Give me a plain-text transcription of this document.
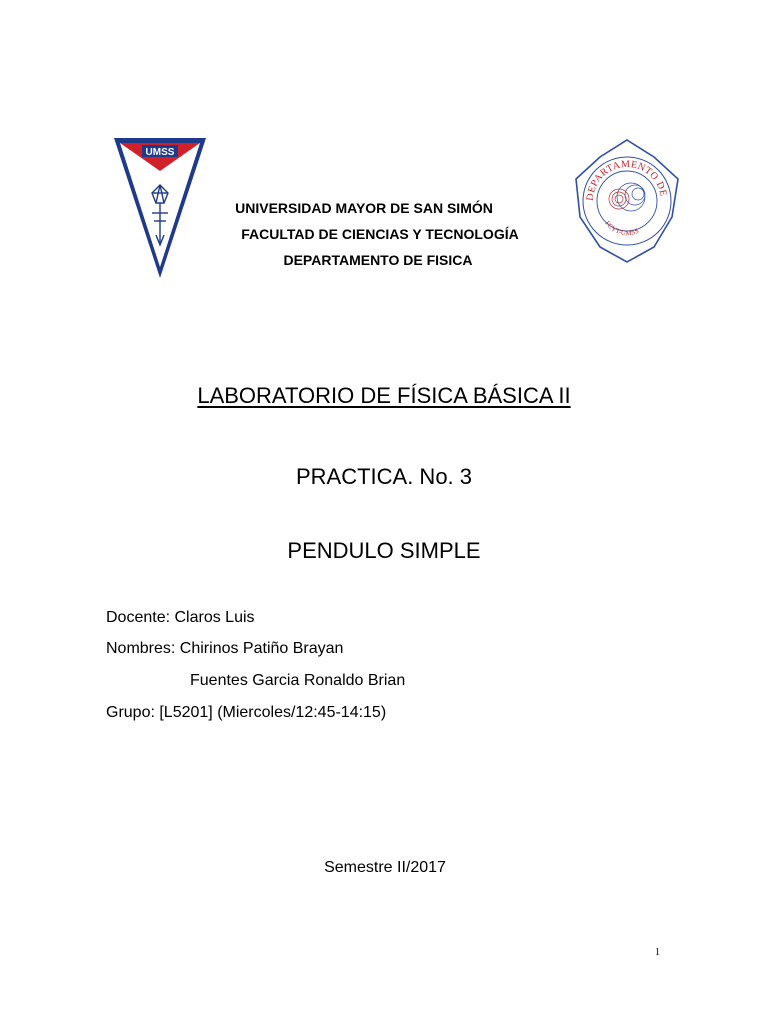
UMSS
UNIVERSIDAD MAYOR DE SAN SIMÓN
FACULTAD DE CIENCIAS Y TECNOLOGÍA
DEPARTAMENTO DE FISICA
DEPARTAMENTO DE
FCYT-UMSS
LABORATORIO DE FÍSICA BÁSICA II
PRACTICA. No. 3
PENDULO SIMPLE
Docente: Claros Luis
Nombres: Chirinos Patiño Brayan
Fuentes Garcia Ronaldo Brian
Grupo: [L5201] (Miercoles/12:45-14:15)
Semestre II/2017
1
